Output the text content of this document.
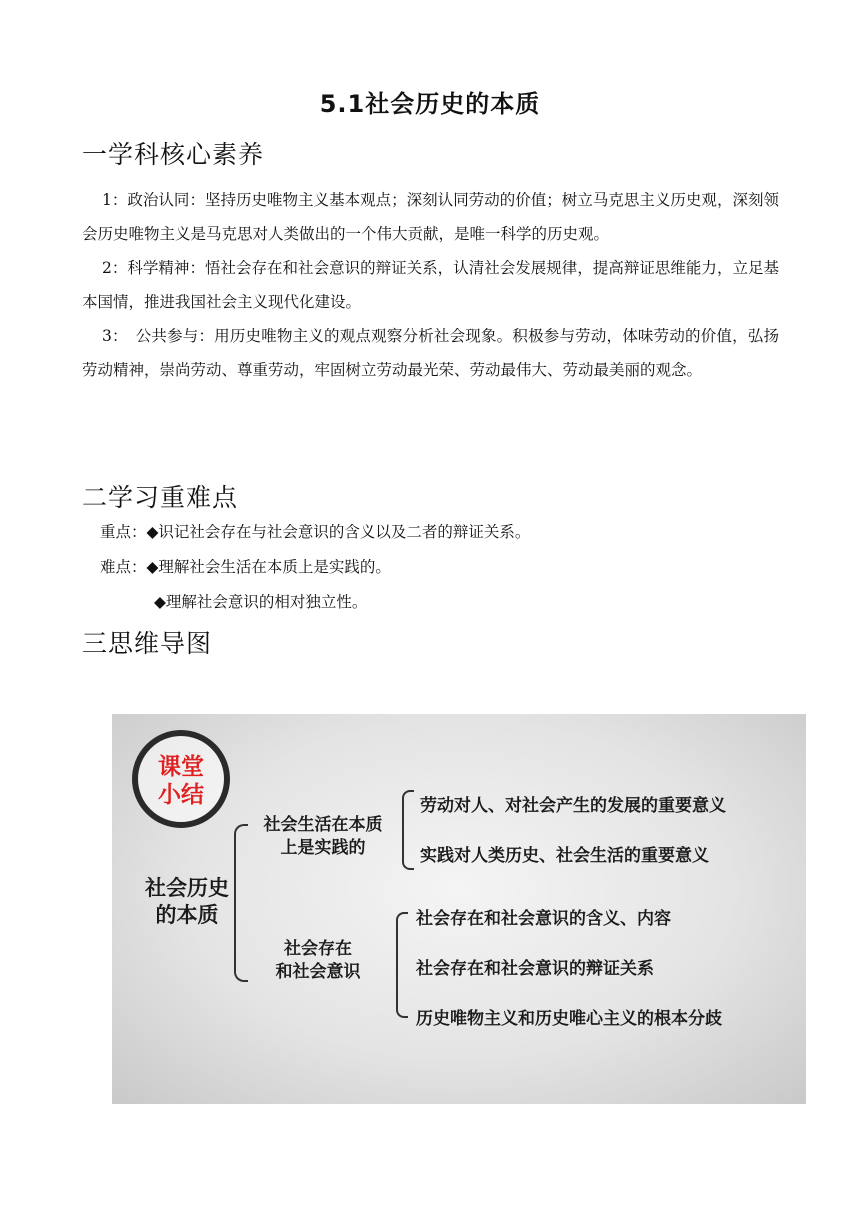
5.1社会历史的本质
一学科核心素养
1：政治认同：坚持历史唯物主义基本观点；深刻认同劳动的价值；树立马克思主义历史观，深刻领会历史唯物主义是马克思对人类做出的一个伟大贡献，是唯一科学的历史观。
2：科学精神：悟社会存在和社会意识的辩证关系，认清社会发展规律，提高辩证思维能力，立足基本国情，推进我国社会主义现代化建设。
3：　公共参与：用历史唯物主义的观点观察分析社会现象。积极参与劳动，体味劳动的价值，弘扬劳动精神，崇尚劳动、尊重劳动，牢固树立劳动最光荣、劳动最伟大、劳动最美丽的观念。
二学习重难点
重点：◆识记社会存在与社会意识的含义以及二者的辩证关系。
难点：◆理解社会生活在本质上是实践的。
◆理解社会意识的相对独立性。
三思维导图
课堂
小结
社会历史
的本质
社会生活在本质
上是实践的
劳动对人、对社会产生的发展的重要意义
实践对人类历史、社会生活的重要意义
社会存在
和社会意识
社会存在和社会意识的含义、内容
社会存在和社会意识的辩证关系
历史唯物主义和历史唯心主义的根本分歧
